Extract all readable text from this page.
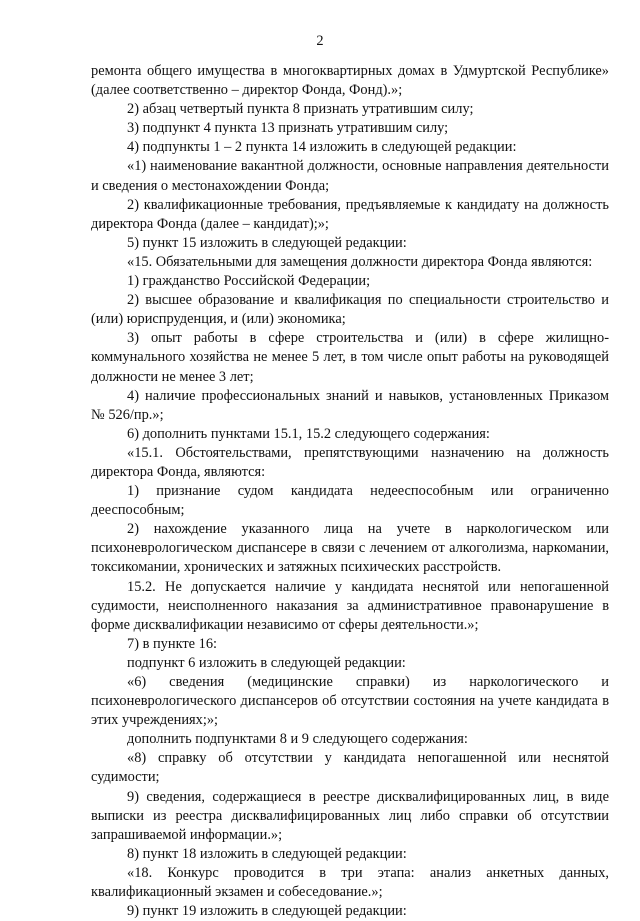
2

ремонта общего имущества в многоквартирных домах в Удмуртской Республике» (далее соответственно – директор Фонда, Фонд).»;

2) абзац четвертый пункта 8 признать утратившим силу;

3) подпункт 4 пункта 13 признать утратившим силу;

4) подпункты 1 – 2 пункта 14 изложить в следующей редакции:

«1) наименование вакантной должности, основные направления деятельности и сведения о местонахождении Фонда;

2) квалификационные требования, предъявляемые к кандидату на должность директора Фонда (далее – кандидат);»;

5) пункт 15 изложить в следующей редакции:

«15. Обязательными для замещения должности директора Фонда являются:

1) гражданство Российской Федерации;

2) высшее образование и квалификация по специальности строительство и (или) юриспруденция, и (или) экономика;

3) опыт работы в сфере строительства и (или) в сфере жилищно-коммунального хозяйства не менее 5 лет, в том числе опыт работы на руководящей должности не менее 3 лет;

4) наличие профессиональных знаний и навыков, установленных Приказом № 526/пр.»;

6) дополнить пунктами 15.1, 15.2 следующего содержания:

«15.1. Обстоятельствами, препятствующими назначению на должность директора Фонда, являются:

1) признание судом кандидата недееспособным или ограниченно дееспособным;

2) нахождение указанного лица на учете в наркологическом или психоневрологическом диспансере в связи с лечением от алкоголизма, наркомании, токсикомании, хронических и затяжных психических расстройств.

15.2. Не допускается наличие у кандидата неснятой или непогашенной судимости, неисполненного наказания за административное правонарушение в форме дисквалификации независимо от сферы деятельности.»;

7) в пункте 16:

подпункт 6 изложить в следующей редакции:

«6) сведения (медицинские справки) из наркологического и психоневрологического диспансеров об отсутствии состояния на учете кандидата в этих учреждениях;»;

дополнить подпунктами 8 и 9 следующего содержания:

«8) справку об отсутствии у кандидата непогашенной или неснятой судимости;

9) сведения, содержащиеся в реестре дисквалифицированных лиц, в виде выписки из реестра дисквалифицированных лиц либо справки об отсутствии запрашиваемой информации.»;

8) пункт 18 изложить в следующей редакции:

«18. Конкурс проводится в три этапа: анализ анкетных данных, квалификационный экзамен и собеседование.»;

9) пункт 19 изложить в следующей редакции:
